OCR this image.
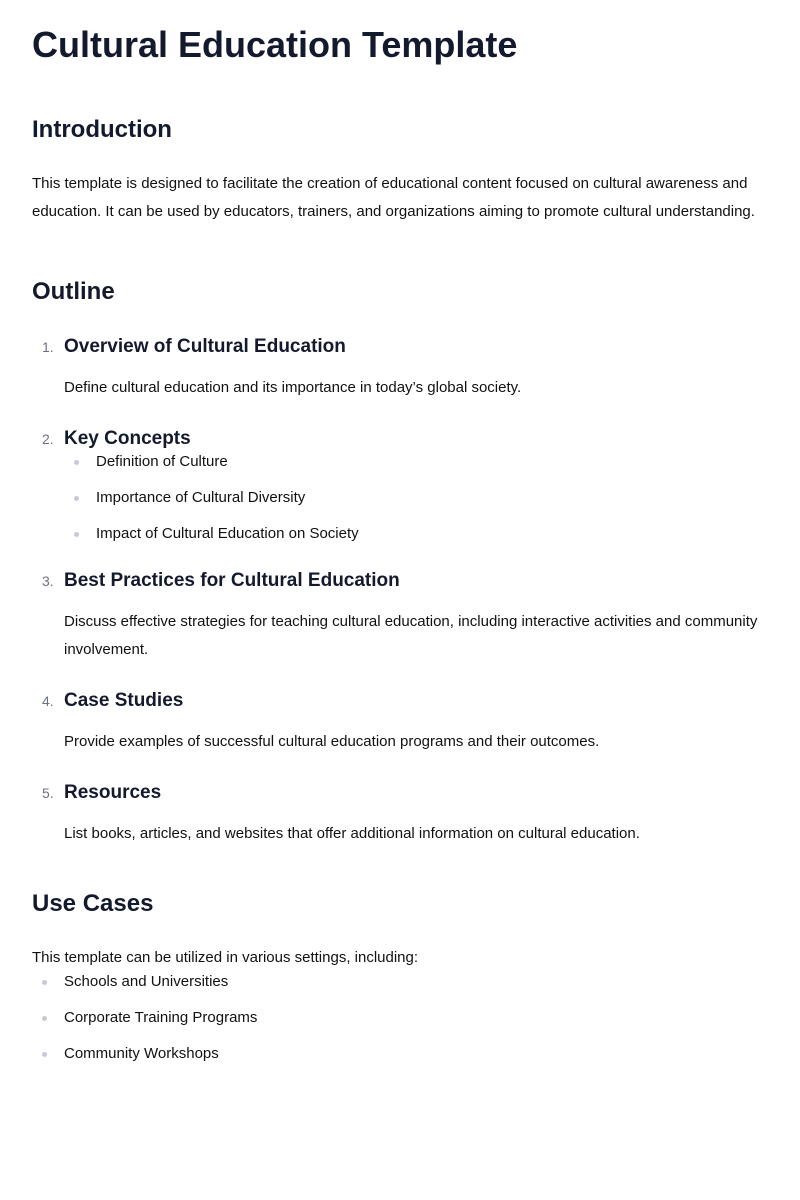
Cultural Education Template
Introduction

This template is designed to facilitate the creation of educational content focused on cultural awareness and education. It can be used by educators, trainers, and organizations aiming to promote cultural understanding.

Outline
1. Overview of Cultural Education

Define cultural education and its importance in today’s global society.

2. Key Concepts
Definition of Culture
Importance of Cultural Diversity
Impact of Cultural Education on Society
3. Best Practices for Cultural Education

Discuss effective strategies for teaching cultural education, including interactive activities and community involvement.

4. Case Studies

Provide examples of successful cultural education programs and their outcomes.

5. Resources

List books, articles, and websites that offer additional information on cultural education.

Use Cases

This template can be utilized in various settings, including:

Schools and Universities
Corporate Training Programs
Community Workshops
